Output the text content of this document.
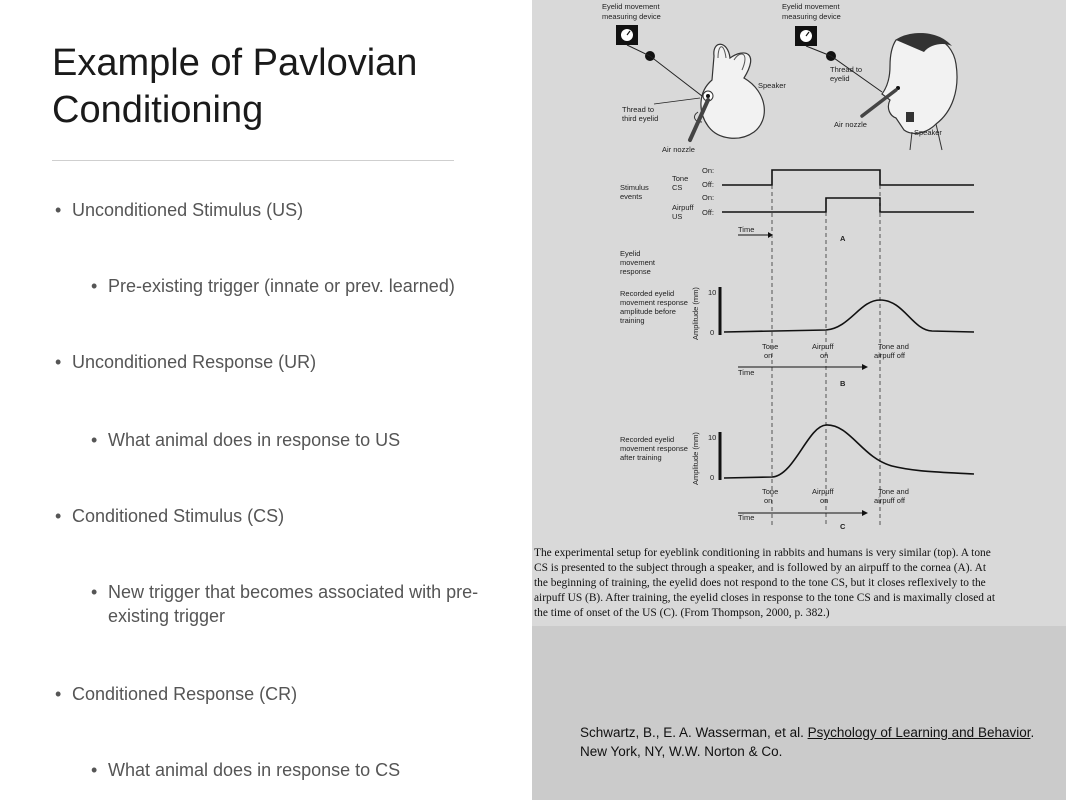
Example of Pavlovian Conditioning
• Unconditioned Stimulus (US)
• Pre-existing trigger (innate or prev. learned)
• Unconditioned Response (UR)
• What animal does in response to US
• Conditioned Stimulus (CS)
• New trigger that becomes associated with pre-existing trigger
• Conditioned Response (CR)
• What animal does in response to CS
Eyelid movement
measuring device
Speaker
Thread to
third eyelid
Air nozzle
Eyelid movement
measuring device
Thread to
eyelid
Air nozzle
Speaker
Stimulus
events
Tone
CS
Airpuff
US
On:
Off:
On:
Off:
Time
A
Eyelid
movement
response
Recorded eyelid
movement response
amplitude before
training	Amplitude (mm) 10
0
Tone
on
Airpuff
on
Tone and
airpuff off
Time
B
Recorded eyelid
movement response
after training	Amplitude (mm) 10
0
Tone
on
Airpuff
on
Tone and
airpuff off
Time
C
The experimental setup for eyeblink conditioning in rabbits and humans is very similar (top). A tone
CS is presented to the subject through a speaker, and is followed by an airpuff to the cornea (A). At
the beginning of training, the eyelid does not respond to the tone CS, but it closes reflexively to the
airpuff US (B). After training, the eyelid closes in response to the tone CS and is maximally closed at
the time of onset of the US (C). (From Thompson, 2000, p. 382.)
Schwartz, B., E. A. Wasserman, et al. Psychology of Learning and Behavior. New York, NY, W.W. Norton & Co.
